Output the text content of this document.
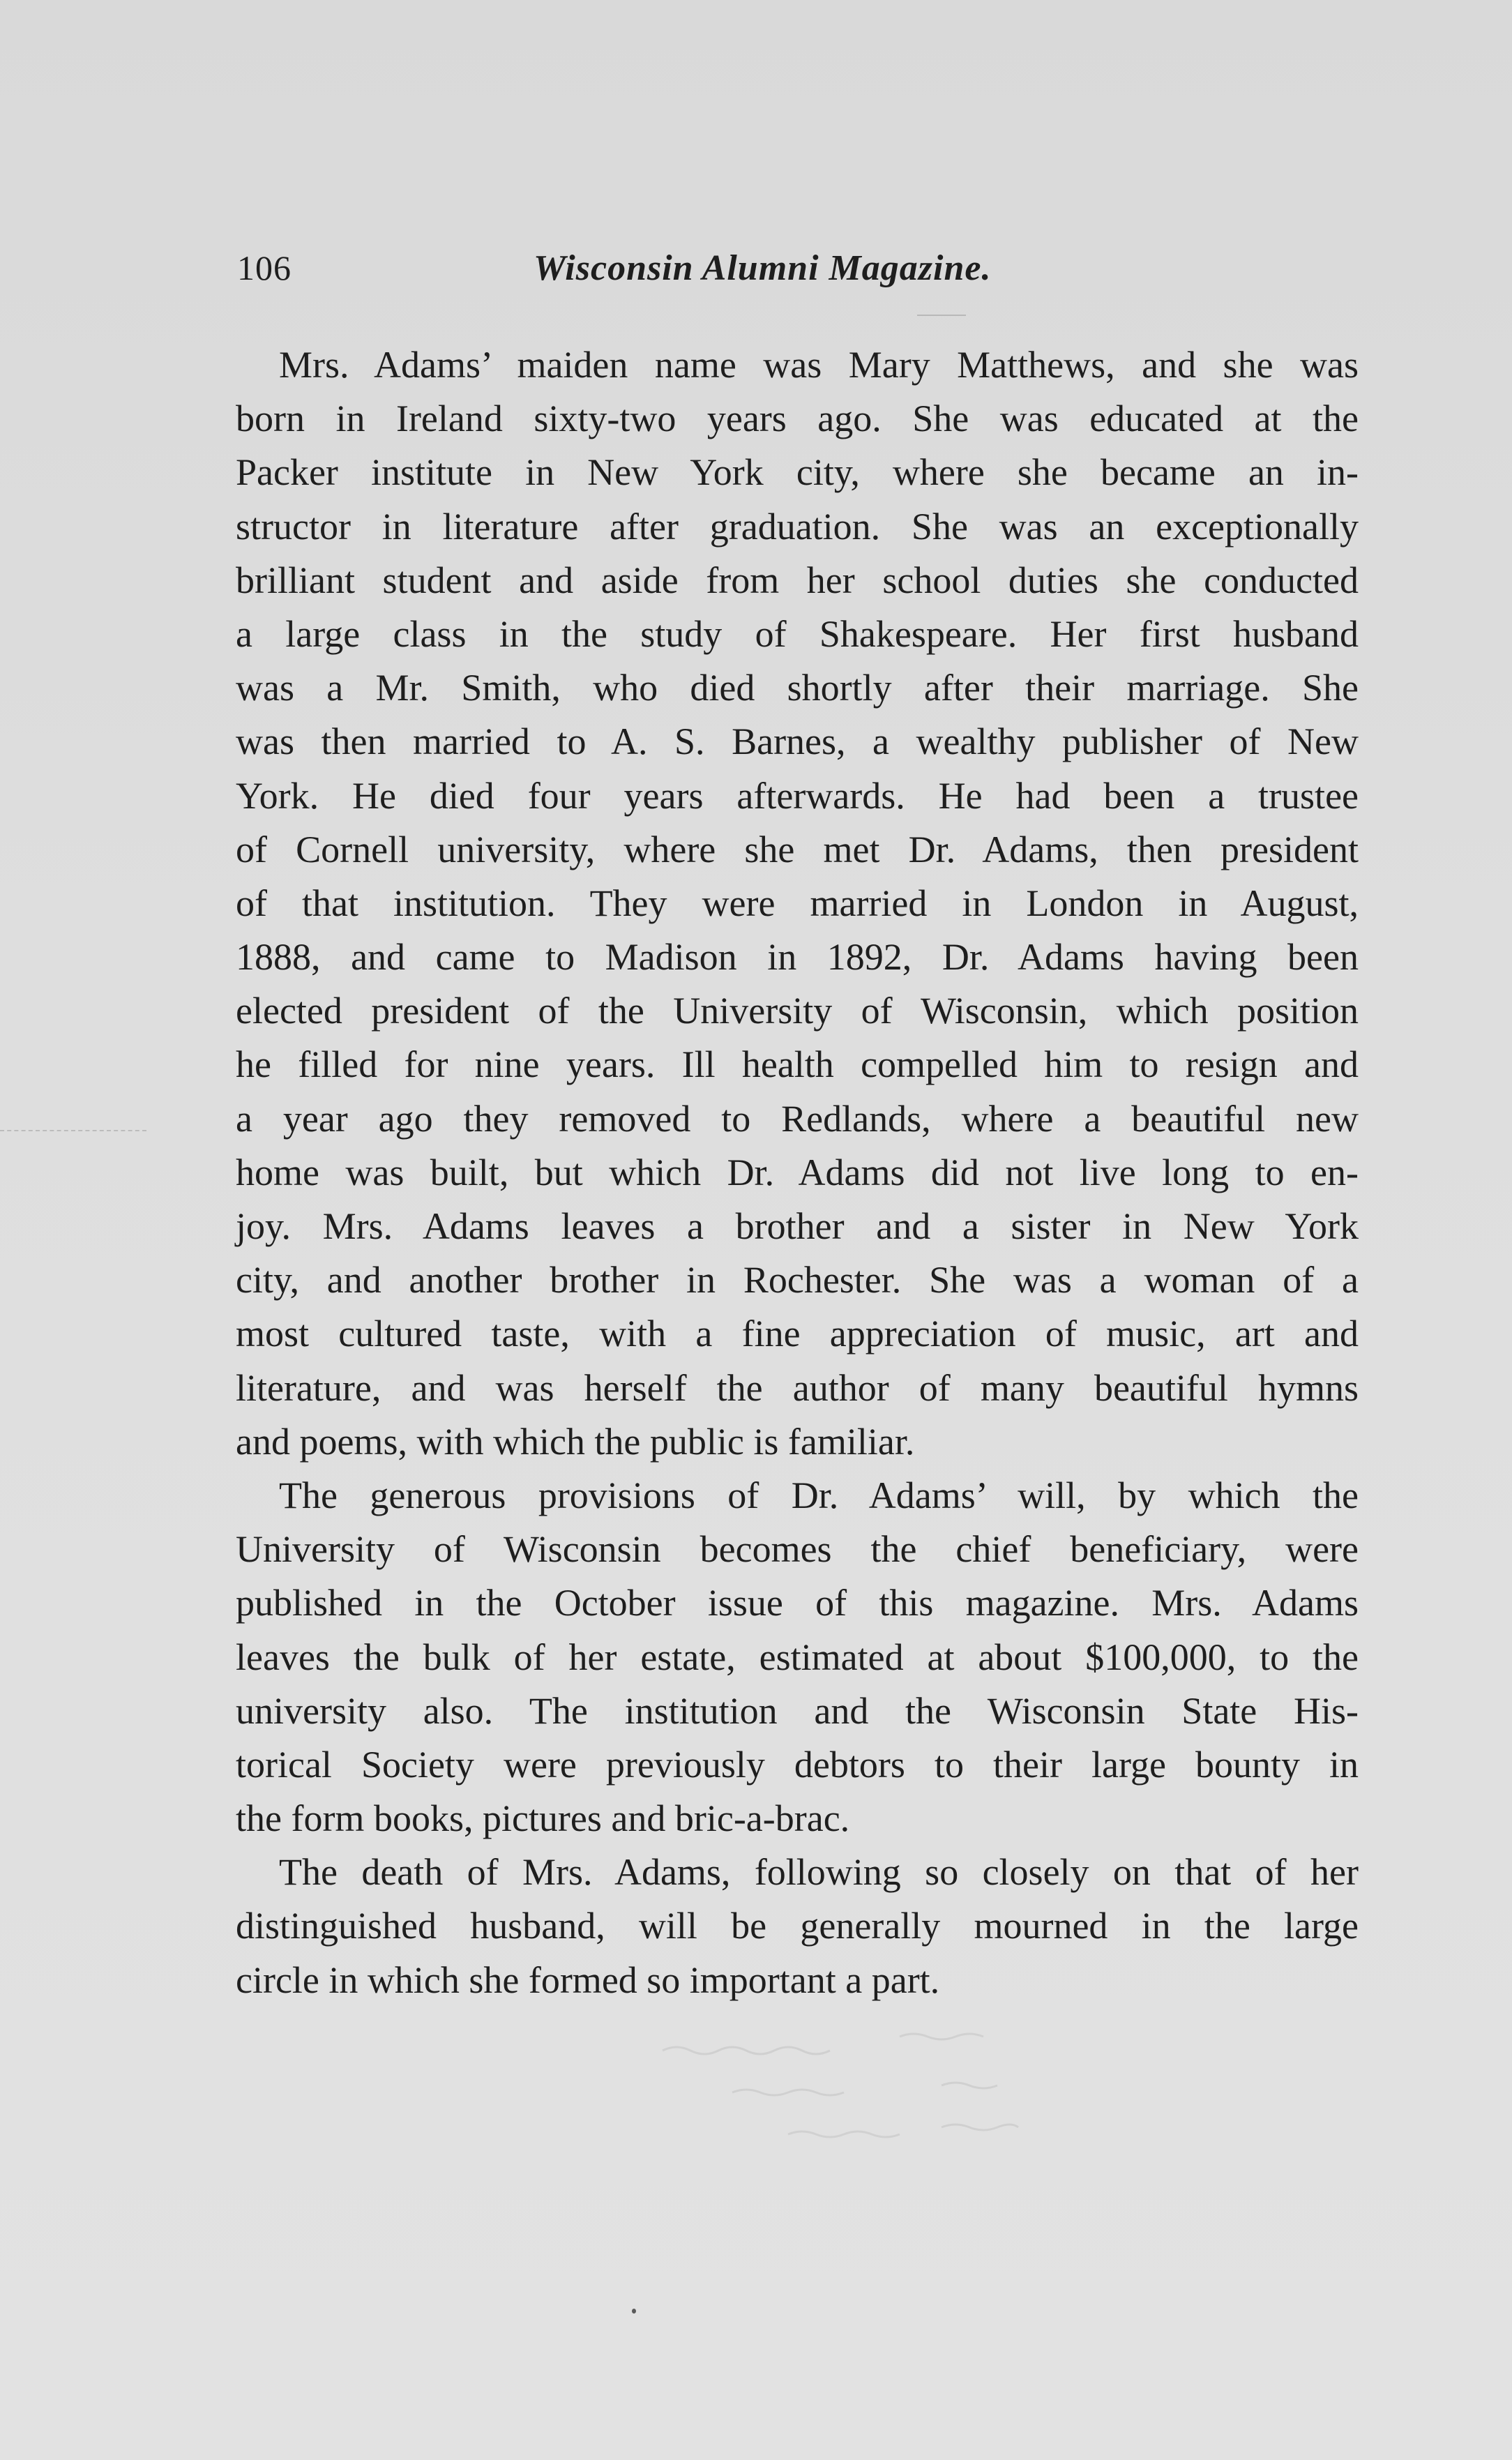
106	Wisconsin Alumni Magazine.
Mrs. Adams’ maiden name was Mary Matthews, and she was
born in Ireland sixty-two years ago. She was educated at the
Packer institute in New York city, where she became an in-
structor in literature after graduation. She was an exceptionally
brilliant student and aside from her school duties she conducted
a large class in the study of Shakespeare. Her first husband
was a Mr. Smith, who died shortly after their marriage. She
was then married to A. S. Barnes, a wealthy publisher of New
York. He died four years afterwards. He had been a trustee
of Cornell university, where she met Dr. Adams, then president
of that institution. They were married in London in August,
1888, and came to Madison in 1892, Dr. Adams having been
elected president of the University of Wisconsin, which position
he filled for nine years. Ill health compelled him to resign and
a year ago they removed to Redlands, where a beautiful new
home was built, but which Dr. Adams did not live long to en-
joy. Mrs. Adams leaves a brother and a sister in New York
city, and another brother in Rochester. She was a woman of a
most cultured taste, with a fine appreciation of music, art and
literature, and was herself the author of many beautiful hymns
and poems, with which the public is familiar.
The generous provisions of Dr. Adams’ will, by which the
University of Wisconsin becomes the chief beneficiary, were
published in the October issue of this magazine. Mrs. Adams
leaves the bulk of her estate, estimated at about $100,000, to the
university also. The institution and the Wisconsin State His-
torical Society were previously debtors to their large bounty in
the form books, pictures and bric-a-brac.
The death of Mrs. Adams, following so closely on that of her
distinguished husband, will be generally mourned in the large
circle in which she formed so important a part.
